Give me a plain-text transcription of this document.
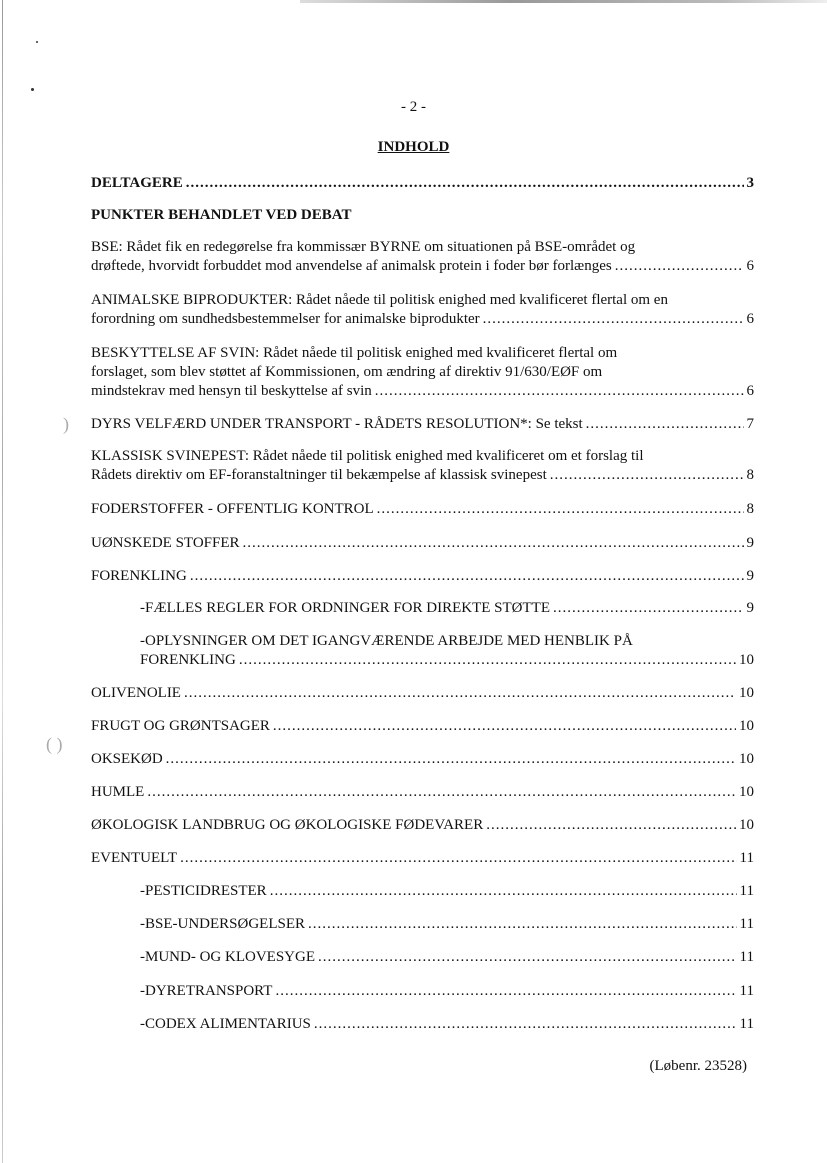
)
( )
- 2 -
INDHOLD
DELTAGERE .....	3
PUNKTER BEHANDLET VED DEBAT
BSE: Rådet fik en redegørelse fra kommissær BYRNE om situationen på BSE-området og
drøftede, hvorvidt forbuddet mod anvendelse af animalsk protein i foder bør forlænges .....	6
ANIMALSKE BIPRODUKTER: Rådet nåede til politisk enighed med kvalificeret flertal om en
forordning om sundhedsbestemmelser for animalske biprodukter .....	6
BESKYTTELSE AF SVIN: Rådet nåede til politisk enighed med kvalificeret flertal om
forslaget, som blev støttet af Kommissionen, om ændring af direktiv 91/630/EØF om
mindstekrav med hensyn til beskyttelse af svin .....	6
DYRS VELFÆRD UNDER TRANSPORT - RÅDETS RESOLUTION*: Se tekst .....	7
KLASSISK SVINEPEST: Rådet nåede til politisk enighed med kvalificeret om et forslag til
Rådets direktiv om EF-foranstaltninger til bekæmpelse af klassisk svinepest .....	8
FODERSTOFFER - OFFENTLIG KONTROL .....	8
UØNSKEDE STOFFER .....	9
FORENKLING .....	9
-FÆLLES REGLER FOR ORDNINGER FOR DIREKTE STØTTE .....	9
-OPLYSNINGER OM DET IGANGVÆRENDE ARBEJDE MED HENBLIK PÅ
FORENKLING .....	10
OLIVENOLIE .....	10
FRUGT OG GRØNTSAGER .....	10
OKSEKØD .....	10
HUMLE .....	10
ØKOLOGISK LANDBRUG OG ØKOLOGISKE FØDEVARER .....	10
EVENTUELT .....	11
-PESTICIDRESTER .....	11
-BSE-UNDERSØGELSER .....	11
-MUND- OG KLOVESYGE .....	11
-DYRETRANSPORT .....	11
-CODEX ALIMENTARIUS .....	11
(Løbenr. 23528)
